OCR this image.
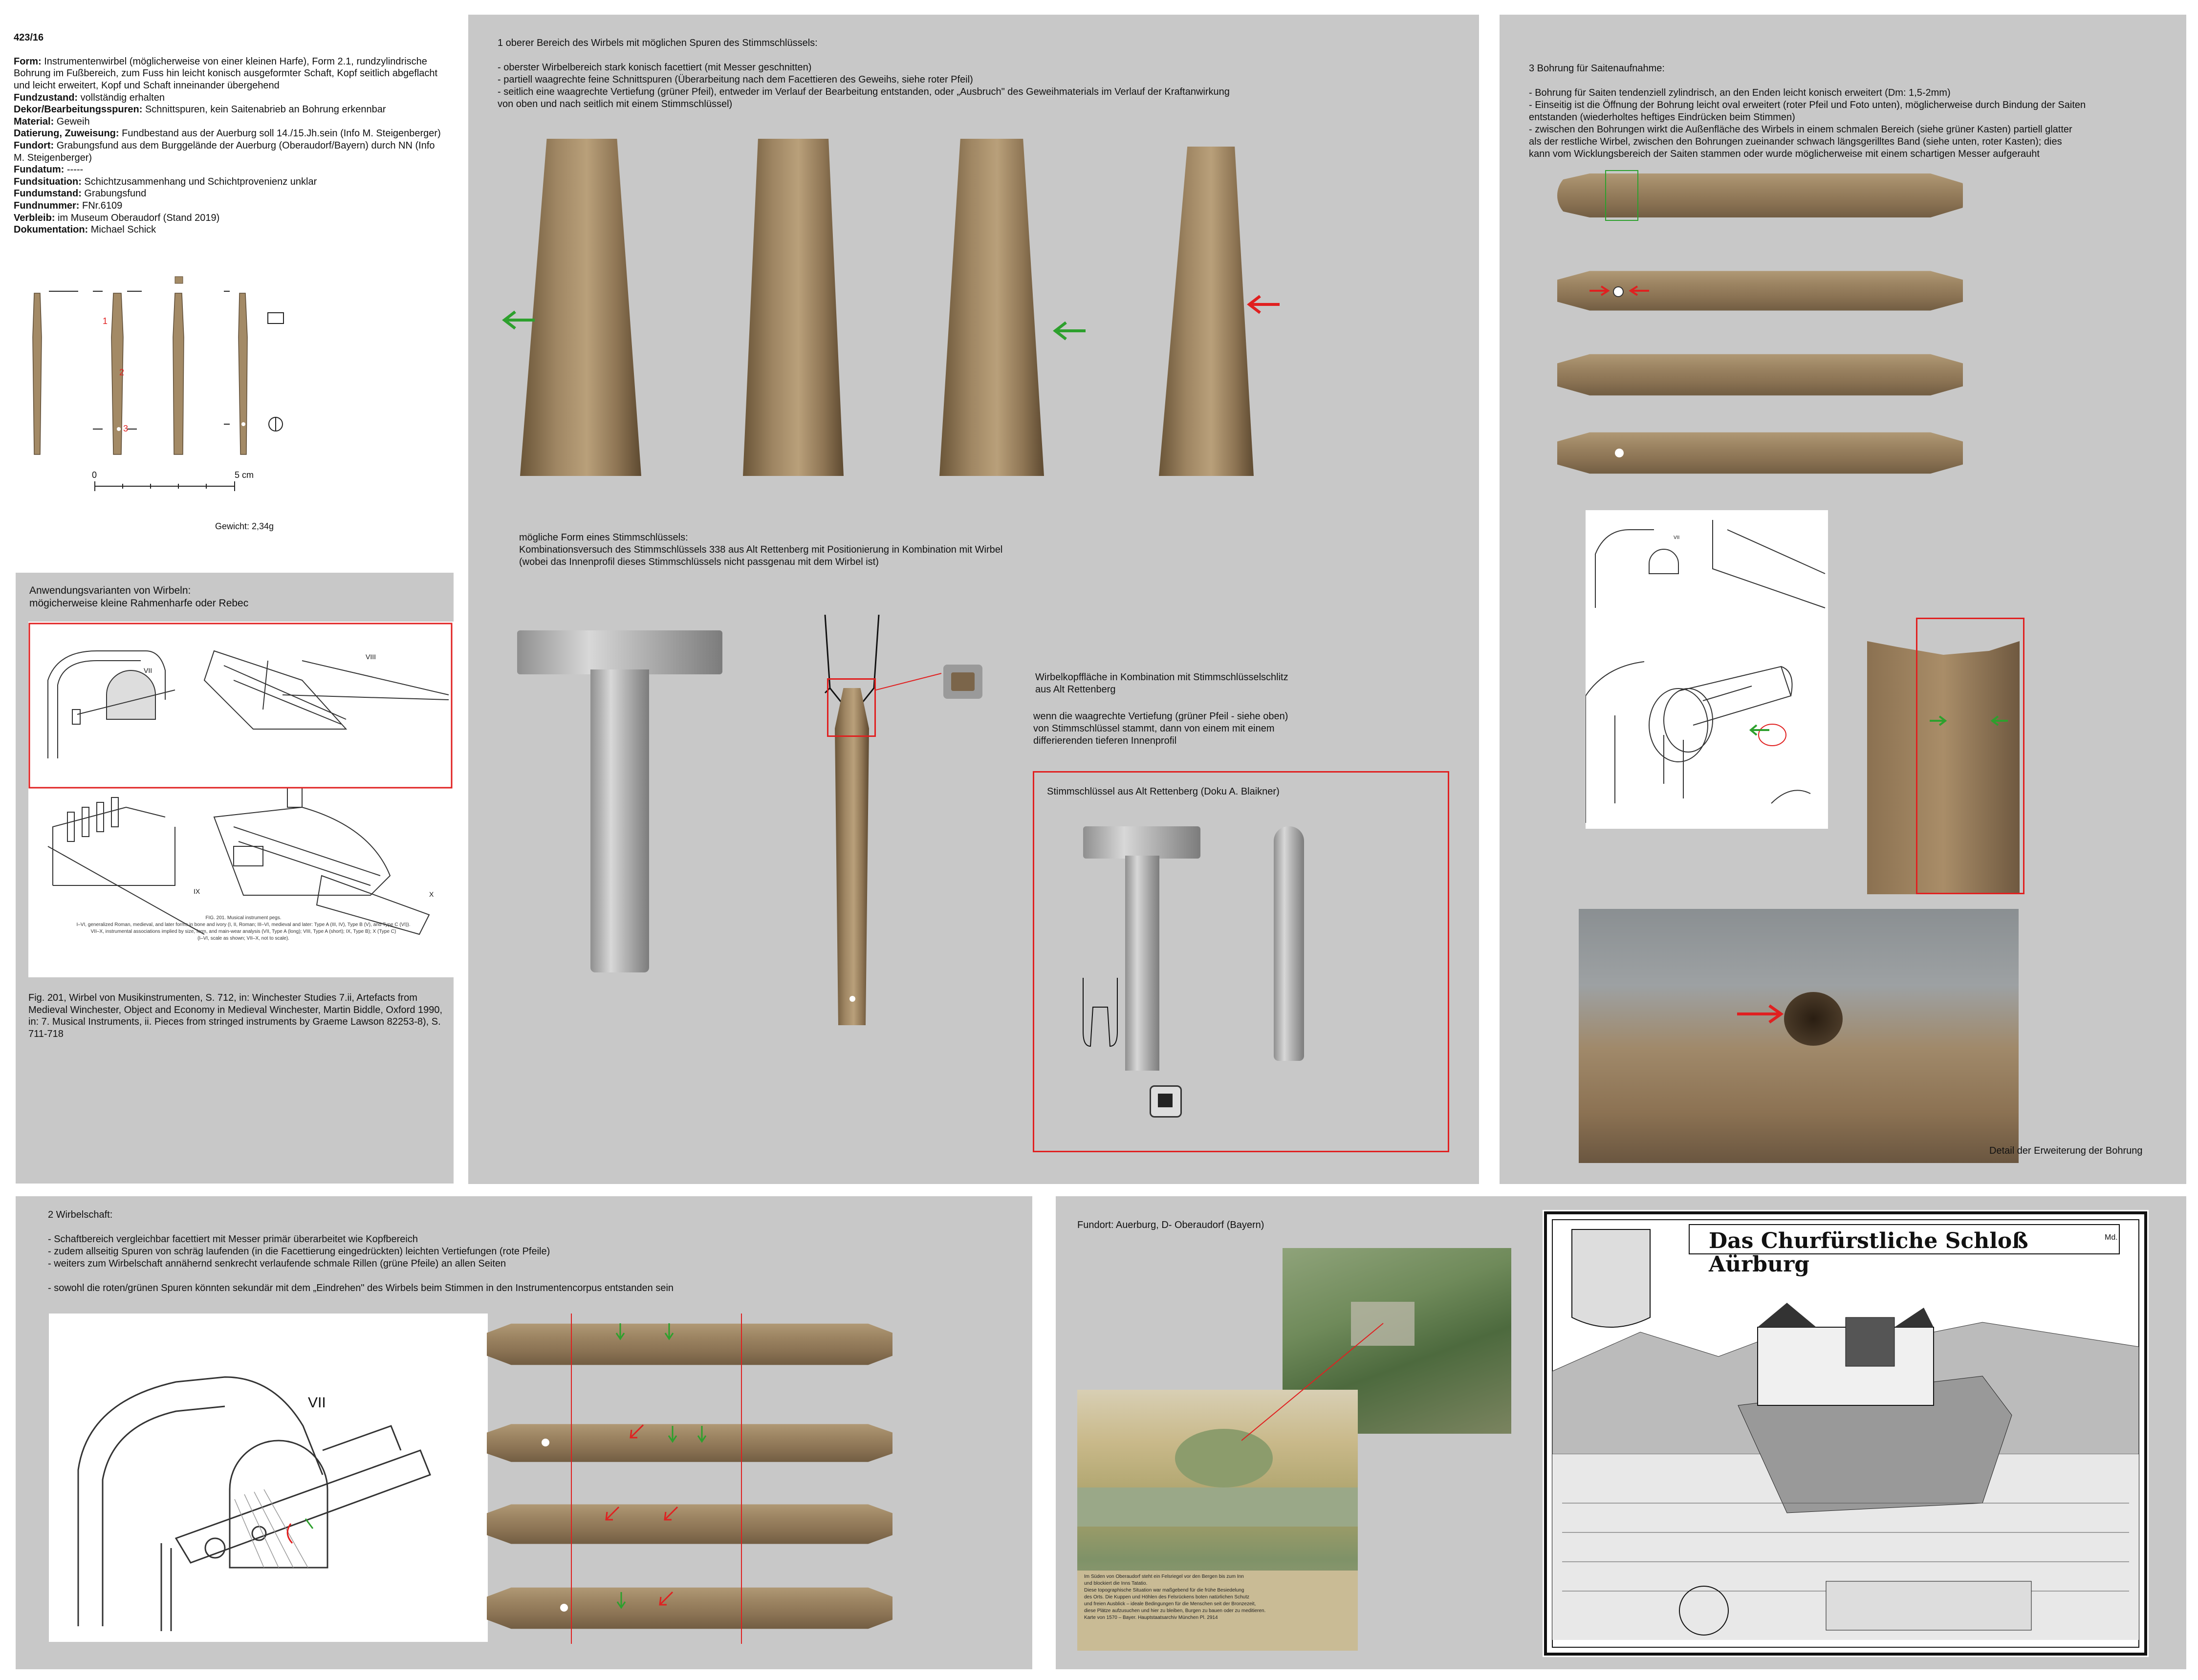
423/16

Form: Instrumentenwirbel (möglicherweise von einer kleinen Harfe), Form 2.1, rundzylindrische Bohrung im Fußbereich, zum Fuss hin leicht konisch ausgeformter Schaft, Kopf seitlich abgeflacht und leicht erweitert, Kopf und Schaft inneinander übergehend
Fundzustand: vollständig erhalten
Dekor/Bearbeitungsspuren: Schnittspuren, kein Saitenabrieb an Bohrung erkennbar
Material: Geweih
Datierung, Zuweisung: Fundbestand aus der Auerburg soll 14./15.Jh.sein (Info M. Steigenberger)
Fundort: Grabungsfund aus dem Burggelände der Auerburg (Oberaudorf/Bayern) durch NN (Info M. Steigenberger)
Fundatum: -----
Fundsituation: Schichtzusammenhang und Schichtprovenienz unklar
Fundumstand: Grabungsfund
Fundnummer: FNr.6109
Verbleib: im Museum Oberaudorf (Stand 2019)
Dokumentation: Michael Schick

1
2
3
0	5 cm
Gewicht: 2,34g
Anwendungsvarianten von Wirbeln:
mögicherweise kleine Rahmenharfe oder Rebec
VII
VIII
IX	X
FIG. 201. Musical instrument pegs.
I–VI, generalized Roman, medieval, and later forms in bone and ivory (I, II, Roman; III–VI, medieval and later: Type A (III, IV), Type B (V), and Type C (VI)).
VII–X, instrumental associations implied by size, form, and main-wear analysis (VII, Type A (long); VIII, Type A (short); IX, Type B); X (Type C)
(I–VI, scale as shown; VII–X, not to scale).
Fig. 201, Wirbel von Musikinstrumenten, S. 712, in: Winchester Studies 7.ii, Artefacts from Medieval Winchester, Object and Economy in Medieval Winchester, Martin Biddle, Oxford 1990, in: 7. Musical Instruments, ii. Pieces from stringed instruments by Graeme Lawson 82253-8), S. 711-718
1 oberer Bereich des Wirbels mit möglichen Spuren des Stimmschlüssels:

- oberster Wirbelbereich stark konisch facettiert (mit Messer geschnitten)
- partiell waagrechte feine Schnittspuren (Überarbeitung nach dem Facettieren des Geweihs, siehe roter Pfeil)
- seitlich eine waagrechte Vertiefung (grüner Pfeil), entweder im Verlauf der Bearbeitung entstanden, oder „Ausbruch" des Geweihmaterials im Verlauf der Kraftanwirkung
von oben und nach seitlich mit einem Stimmschlüssel)
mögliche Form eines Stimmschlüssels:
Kombinationsversuch des Stimmschlüssels 338 aus Alt Rettenberg mit Positionierung in Kombination mit Wirbel
(wobei das Innenprofil dieses Stimmschlüssels nicht passgenau mit dem Wirbel ist)
Wirbelkopffläche in Kombination mit Stimmschlüsselschlitz
aus Alt Rettenberg
wenn die waagrechte Vertiefung (grüner Pfeil - siehe oben)
von Stimmschlüssel stammt, dann von einem mit einem
differierenden tieferen Innenprofil
Stimmschlüssel aus Alt Rettenberg (Doku A. Blaikner)
3 Bohrung für Saitenaufnahme:

- Bohrung für Saiten tendenziell zylindrisch, an den Enden leicht konisch erweitert (Dm: 1,5-2mm)
- Einseitig ist die Öffnung der Bohrung leicht oval erweitert (roter Pfeil und Foto unten), möglicherweise durch Bindung der Saiten
entstanden (wiederholtes heftiges Eindrücken beim Stimmen)
- zwischen den Bohrungen wirkt die Außenfläche des Wirbels in einem schmalen Bereich (siehe grüner Kasten) partiell glatter
als der restliche Wirbel, zwischen den Bohrungen zueinander schwach längsgerilltes Band (siehe unten, roter Kasten); dies
kann vom Wicklungsbereich der Saiten stammen oder wurde möglicherweise mit einem schartigen Messer aufgerauht
VII
Detail der Erweiterung der Bohrung
2 Wirbelschaft:

- Schaftbereich vergleichbar facettiert mit Messer primär überarbeitet wie Kopfbereich
- zudem allseitig Spuren von schräg laufenden (in die Facettierung eingedrückten) leichten Vertiefungen (rote Pfeile)
- weiters zum Wirbelschaft annähernd senkrecht verlaufende schmale Rillen (grüne Pfeile) an allen Seiten

- sowohl die roten/grünen Spuren könnten sekundär mit dem „Eindrehen" des Wirbels beim Stimmen in den Instrumentencorpus entstanden sein
VII
Fundort: Auerburg, D- Oberaudorf (Bayern)
Im Süden von Oberaudorf steht ein Felsriegel vor den Bergen bis zum Inn
und blockiert die Inns Tatatio.
Diese topographische Situation war maßgebend für die frühe Besiedelung
des Orts. Die Kuppen und Höhlen des Felsrückens boten natürlichen Schutz
und freien Ausblick – ideale Bedingungen für die Menschen seit der Bronzezeit,
diese Plätze aufzusuchen und hier zu bleiben, Burgen zu bauen oder zu meditieren.
Karte von 1570 – Bayer. Hauptstaatsarchiv München Pl. 2914
Das Churfürstliche Schloß Aürburg
Md.
